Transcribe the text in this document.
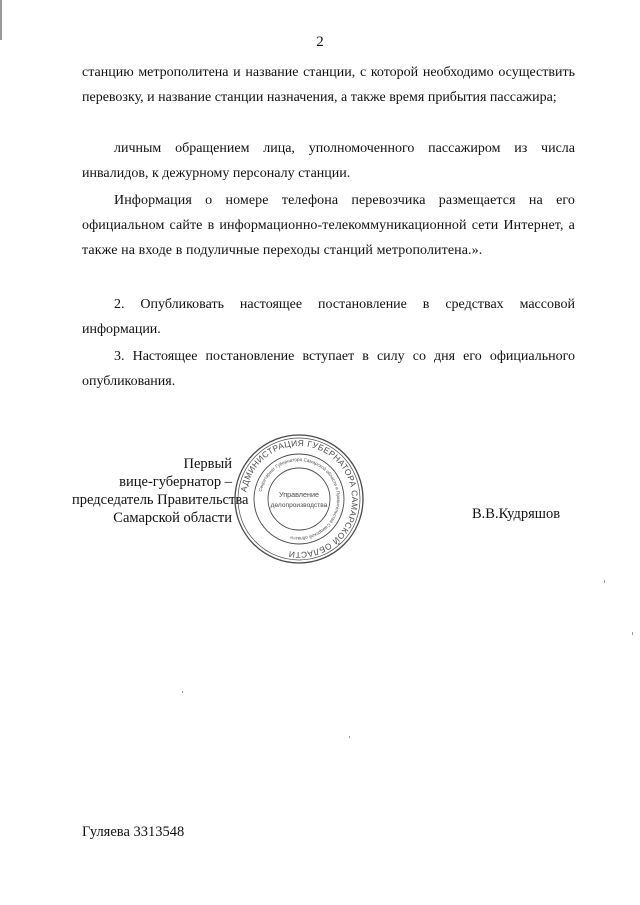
2

станцию метрополитена и название станции, с которой необходимо осуществить перевозку, и название станции назначения, а также время прибытия пассажира;

личным обращением лица, уполномоченного пассажиром из числа инвалидов, к дежурному персоналу станции.

Информация о номере телефона перевозчика размещается на его официальном сайте в информационно-телекоммуникационной сети Интернет, а также на входе в подуличные переходы станций метрополитена.».

2. Опубликовать настоящее постановление в средствах массовой информации.

3. Настоящее постановление вступает в силу со дня его официального опубликования.

Первый
вице-губернатор –
председатель Правительства
Самарской области
АДМИНИСТРАЦИЯ ГУБЕРНАТОРА САМАРСКОЙ ОБЛАСТИ
Секретариат Губернатора Самарской области и Правительства Самарской области
Управление
делопроизводства
В.В.Кудряшов
Гуляева 3313548
